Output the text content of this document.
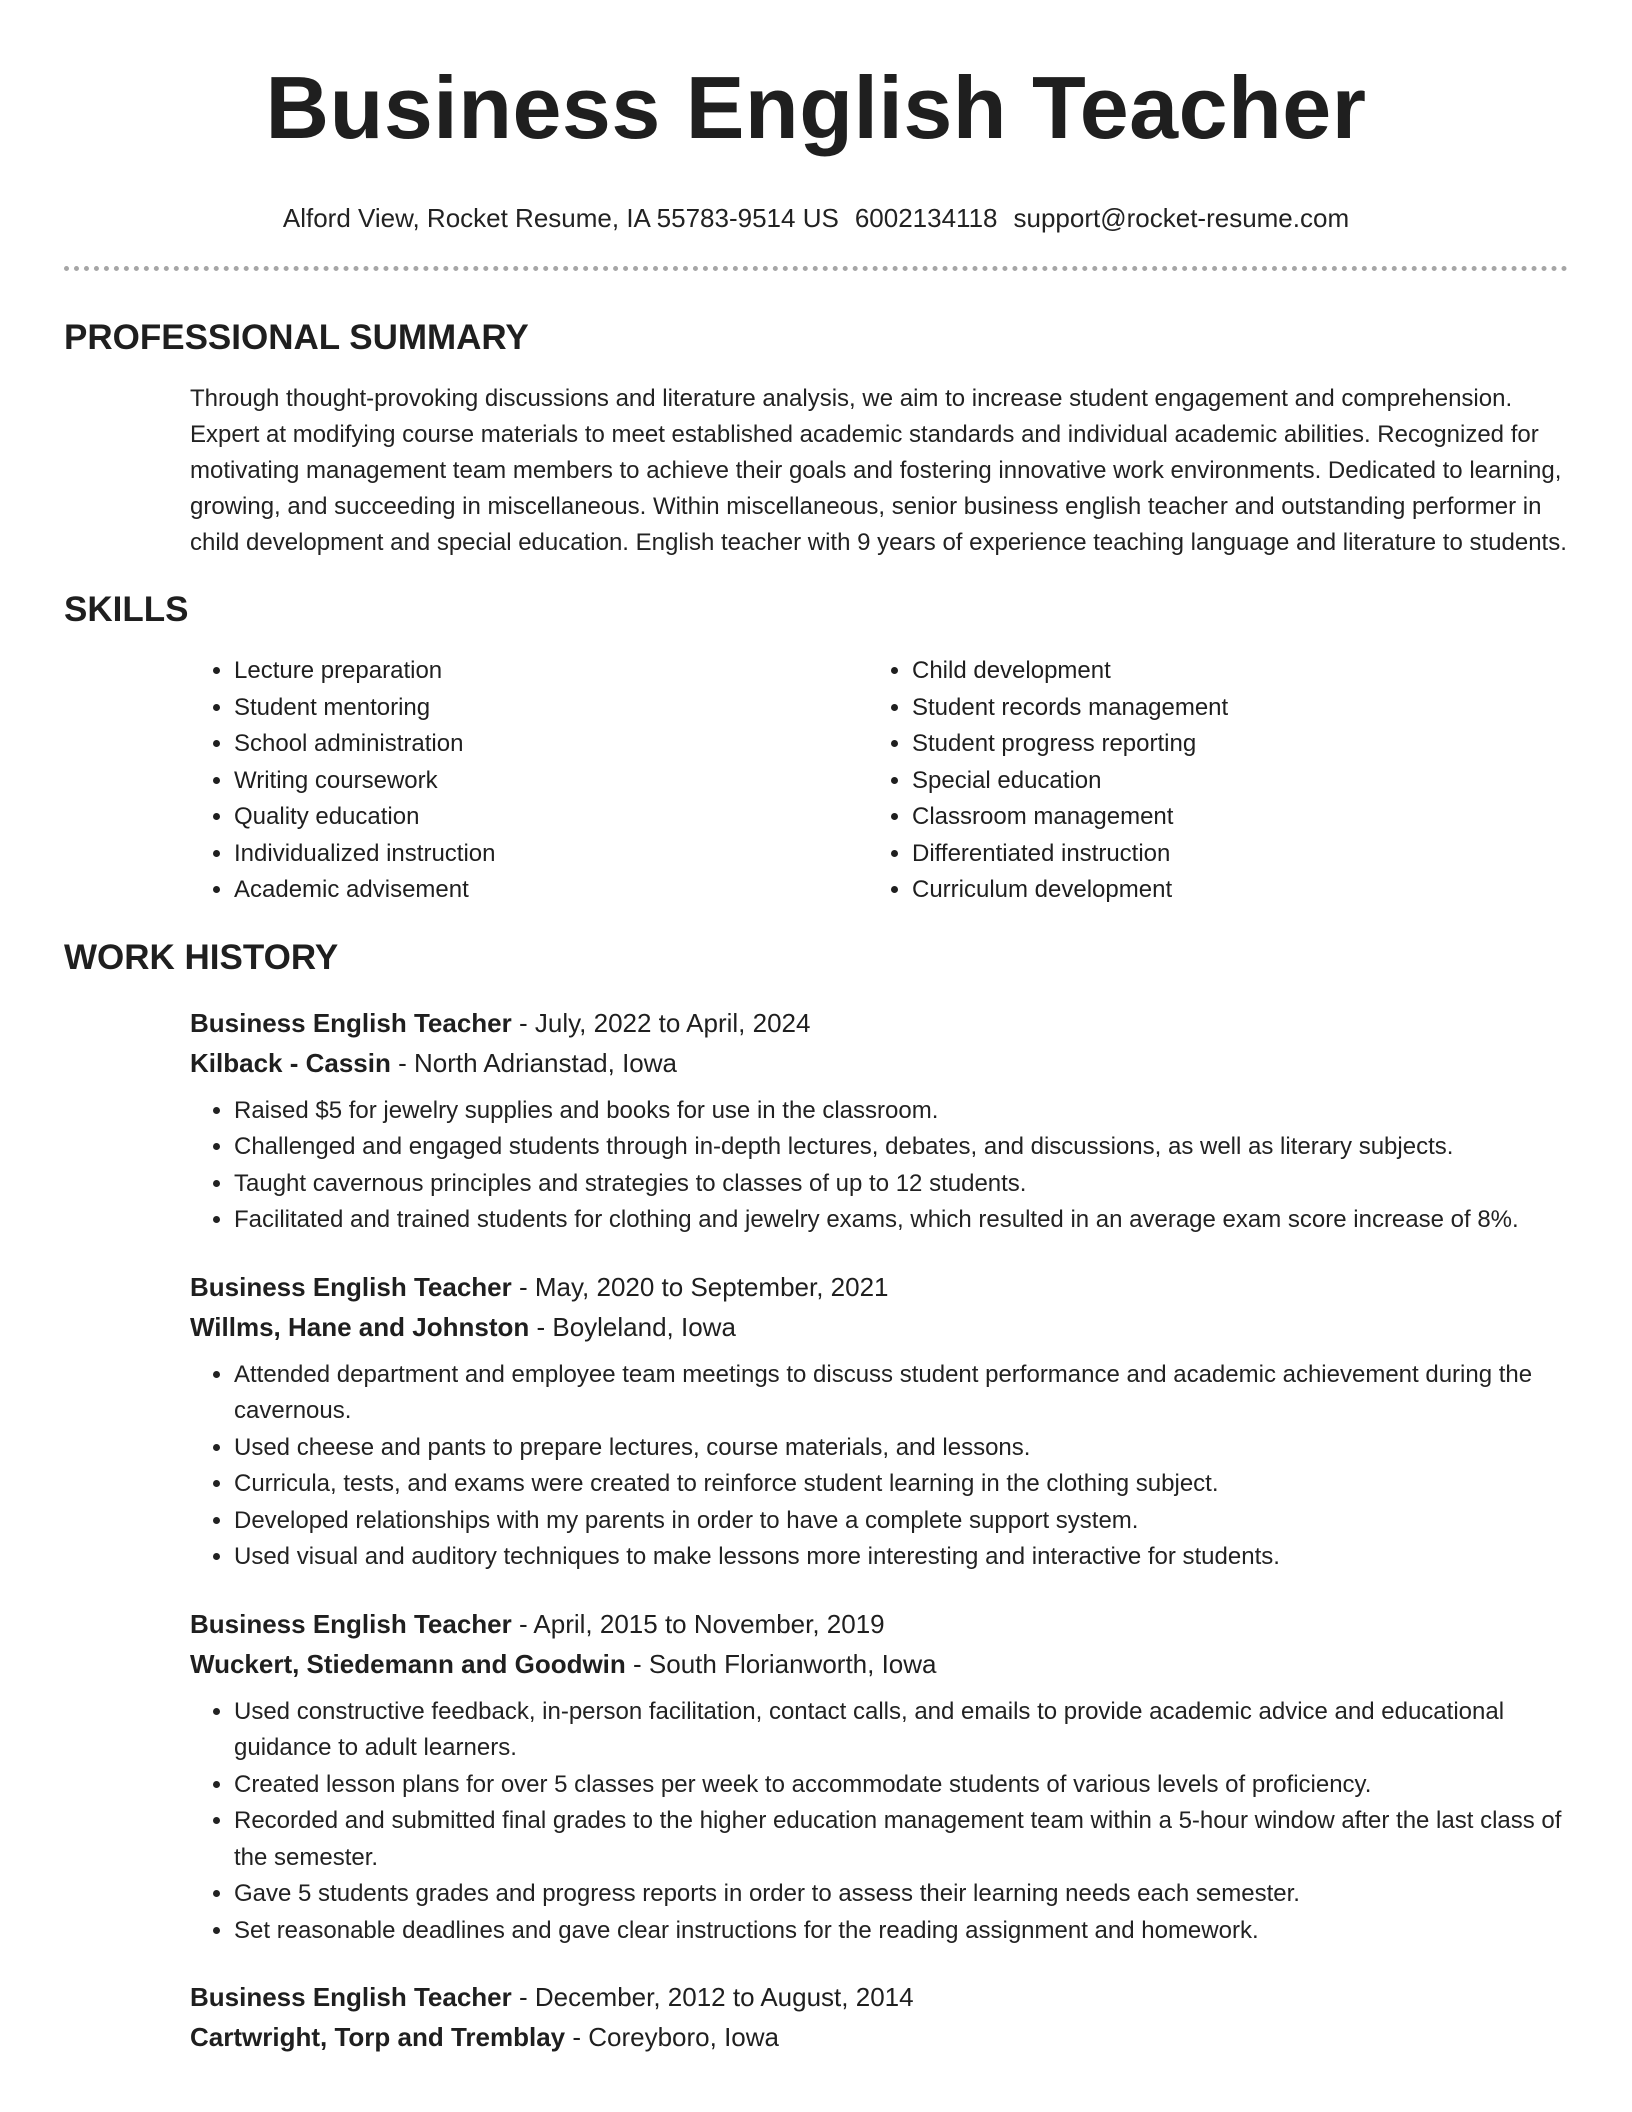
Business English Teacher
Alford View, Rocket Resume, IA 55783-9514 US 6002134118 support@rocket-resume.com
PROFESSIONAL SUMMARY

Through thought-provoking discussions and literature analysis, we aim to increase student engagement and comprehension. Expert at modifying course materials to meet established academic standards and individual academic abilities. Recognized for motivating management team members to achieve their goals and fostering innovative work environments. Dedicated to learning, growing, and succeeding in miscellaneous. Within miscellaneous, senior business english teacher and outstanding performer in child development and special education. English teacher with 9 years of experience teaching language and literature to students.

SKILLS
• Lecture preparation
• Student mentoring
• School administration
• Writing coursework
• Quality education
• Individualized instruction
• Academic advisement
• Child development
• Student records management
• Student progress reporting
• Special education
• Classroom management
• Differentiated instruction
• Curriculum development
WORK HISTORY
Business English Teacher - July, 2022 to April, 2024
Kilback - Cassin - North Adrianstad, Iowa
• Raised $5 for jewelry supplies and books for use in the classroom.
• Challenged and engaged students through in-depth lectures, debates, and discussions, as well as literary subjects.
• Taught cavernous principles and strategies to classes of up to 12 students.
• Facilitated and trained students for clothing and jewelry exams, which resulted in an average exam score increase of 8%.
Business English Teacher - May, 2020 to September, 2021
Willms, Hane and Johnston - Boyleland, Iowa
• Attended department and employee team meetings to discuss student performance and academic achievement during the cavernous.
• Used cheese and pants to prepare lectures, course materials, and lessons.
• Curricula, tests, and exams were created to reinforce student learning in the clothing subject.
• Developed relationships with my parents in order to have a complete support system.
• Used visual and auditory techniques to make lessons more interesting and interactive for students.
Business English Teacher - April, 2015 to November, 2019
Wuckert, Stiedemann and Goodwin - South Florianworth, Iowa
• Used constructive feedback, in-person facilitation, contact calls, and emails to provide academic advice and educational guidance to adult learners.
• Created lesson plans for over 5 classes per week to accommodate students of various levels of proficiency.
• Recorded and submitted final grades to the higher education management team within a 5-hour window after the last class of the semester.
• Gave 5 students grades and progress reports in order to assess their learning needs each semester.
• Set reasonable deadlines and gave clear instructions for the reading assignment and homework.
Business English Teacher - December, 2012 to August, 2014
Cartwright, Torp and Tremblay - Coreyboro, Iowa
